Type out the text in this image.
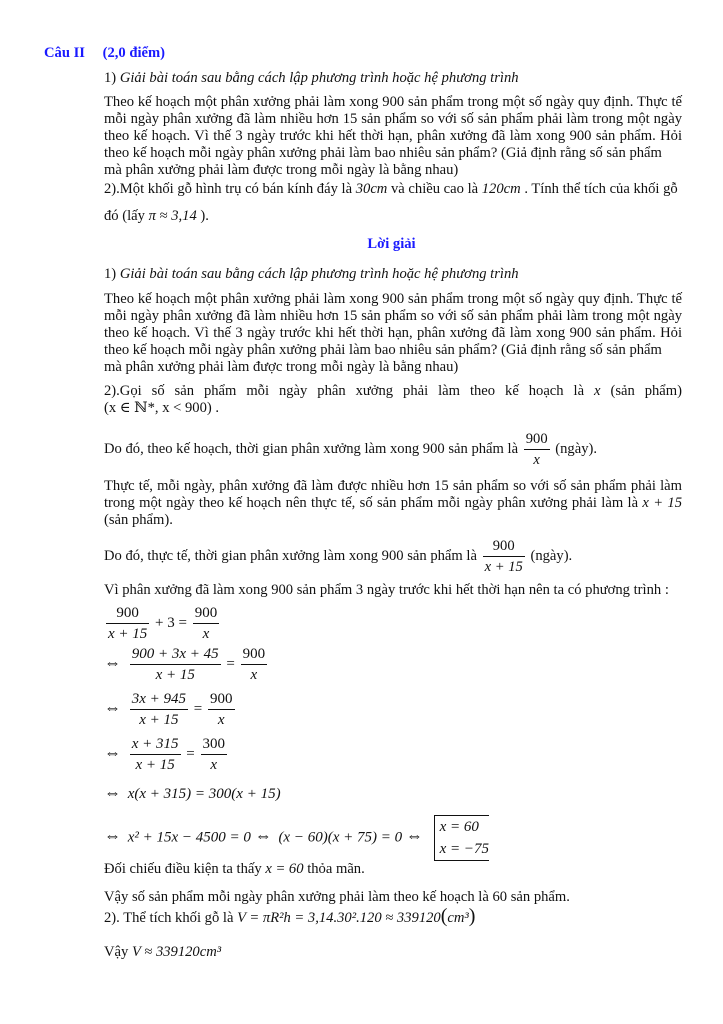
Câu II (2,0 điểm)
1) Giải bài toán sau bằng cách lập phương trình hoặc hệ phương trình
Theo kế hoạch một phân xưởng phải làm xong 900 sản phẩm trong một số ngày quy định. Thực tế
mỗi ngày phân xưởng đã làm nhiều hơn 15 sản phẩm so với số sản phẩm phải làm trong một ngày
theo kế hoạch. Vì thế 3 ngày trước khi hết thời hạn, phân xưởng đã làm xong 900 sản phẩm. Hỏi
theo kế hoạch mỗi ngày phân xưởng phải làm bao nhiêu sản phẩm? (Giả định rằng số sản phẩm
mà phân xưởng phải làm được trong mỗi ngày là bằng nhau)
2).Một khối gỗ hình trụ có bán kính đáy là 30cm và chiều cao là 120cm . Tính thể tích của khối gỗ
đó (lấy π ≈ 3,14 ).
Lời giải
1) Giải bài toán sau bằng cách lập phương trình hoặc hệ phương trình
Theo kế hoạch một phân xưởng phải làm xong 900 sản phẩm trong một số ngày quy định. Thực tế
mỗi ngày phân xưởng đã làm nhiều hơn 15 sản phẩm so với số sản phẩm phải làm trong một ngày
theo kế hoạch. Vì thế 3 ngày trước khi hết thời hạn, phân xưởng đã làm xong 900 sản phẩm. Hỏi
theo kế hoạch mỗi ngày phân xưởng phải làm bao nhiêu sản phẩm? (Giả định rằng số sản phẩm
mà phân xưởng phải làm được trong mỗi ngày là bằng nhau)
2).Gọi số sản phẩm mỗi ngày phân xưởng phải làm theo kế hoạch là x (sản phẩm)
(x ∈ ℕ*, x < 900) .
Do đó, theo kế hoạch, thời gian phân xưởng làm xong 900 sản phẩm là $\frac{900}{x}$ (ngày).
Thực tế, mỗi ngày, phân xưởng đã làm được nhiều hơn 15 sản phẩm so với số sản phẩm phải làm
trong một ngày theo kế hoạch nên thực tế, số sản phẩm mỗi ngày phân xưởng phải làm là x + 15
(sản phẩm).
Do đó, thực tế, thời gian phân xưởng làm xong 900 sản phẩm là $\frac{900}{x + 15}$ (ngày).
Vì phân xưởng đã làm xong 900 sản phẩm 3 ngày trước khi hết thời hạn nên ta có phương trình :
$\frac{900}{x + 15} + 3 = \frac{900}{x}$
⇔ $\frac{900 + 3x + 45}{x + 15} = \frac{900}{x}$
⇔ $\frac{3x + 945}{x + 15} = \frac{900}{x}$
⇔ $\frac{x + 315}{x + 15} = \frac{300}{x}$
⇔ x(x + 315) = 300(x + 15)
⇔ x² + 15x − 4500 = 0 ⇔ (x − 60)(x + 75) = 0 ⇔ x = 60
x = −75
Đối chiếu điều kiện ta thấy x = 60 thỏa mãn.
Vậy số sản phẩm mỗi ngày phân xưởng phải làm theo kế hoạch là 60 sản phẩm.
2). Thể tích khối gỗ là V = πR²h = 3,14.30².120 ≈ 339120(cm³)
Vậy V ≈ 339120cm³
